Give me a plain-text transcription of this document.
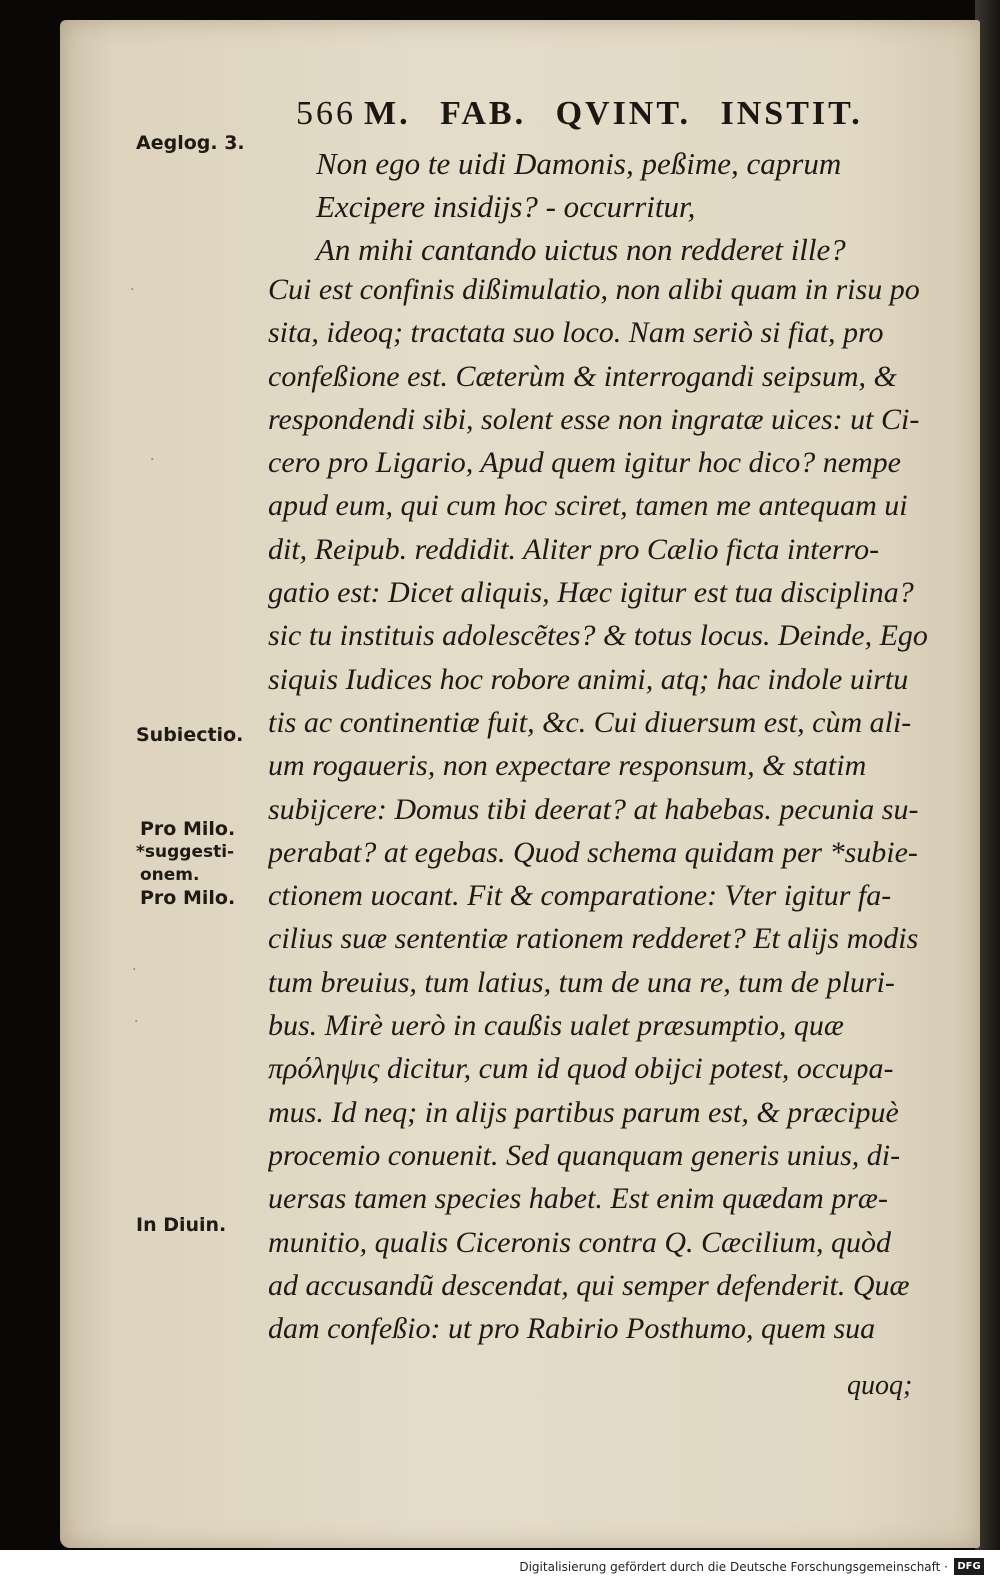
566 M. FAB. QVINT. INSTIT.
Aeglog. 3.
Subiectio.
Pro Milo.
*suggesti-
onem.
Pro Milo.
In Diuin.
·
·
·
·
Non ego te uidi Damonis, peßime, caprum
Excipere insidijs? - occurritur,
An mihi cantando uictus non redderet ille?
Cui est confinis dißimulatio, non alibi quam in risu po
sita, ideoq; tractata suo loco. Nam seriò si fiat, pro
confeßione est. Cæterùm & interrogandi seipsum, &
respondendi sibi, solent esse non ingratæ uices: ut Ci-
cero pro Ligario, Apud quem igitur hoc dico? nempe
apud eum, qui cum hoc sciret, tamen me antequam ui
dit, Reipub. reddidit. Aliter pro Cælio ficta interro-
gatio est: Dicet aliquis, Hæc igitur est tua disciplina?
sic tu instituis adolescẽtes? & totus locus. Deinde, Ego
siquis Iudices hoc robore animi, atq; hac indole uirtu
tis ac continentiæ fuit, &c. Cui diuersum est, cùm ali-
um rogaueris, non expectare responsum, & statim
subijcere: Domus tibi deerat? at habebas. pecunia su-
perabat? at egebas. Quod schema quidam per *subie-
ctionem uocant. Fit & comparatione: Vter igitur fa-
cilius suæ sententiæ rationem redderet? Et alijs modis
tum breuius, tum latius, tum de una re, tum de pluri-
bus. Mirè uerò in caußis ualet præsumptio, quæ
πρόληψις dicitur, cum id quod obijci potest, occupa-
mus. Id neq; in alijs partibus parum est, & præcipuè
procemio conuenit. Sed quanquam generis unius, di-
uersas tamen species habet. Est enim quædam præ-
munitio, qualis Ciceronis contra Q. Cæcilium, quòd
ad accusandũ descendat, qui semper defenderit. Quæ
dam confeßio: ut pro Rabirio Posthumo, quem sua
quoq;
Digitalisierung gefördert durch die Deutsche Forschungsgemeinschaft · DFG
